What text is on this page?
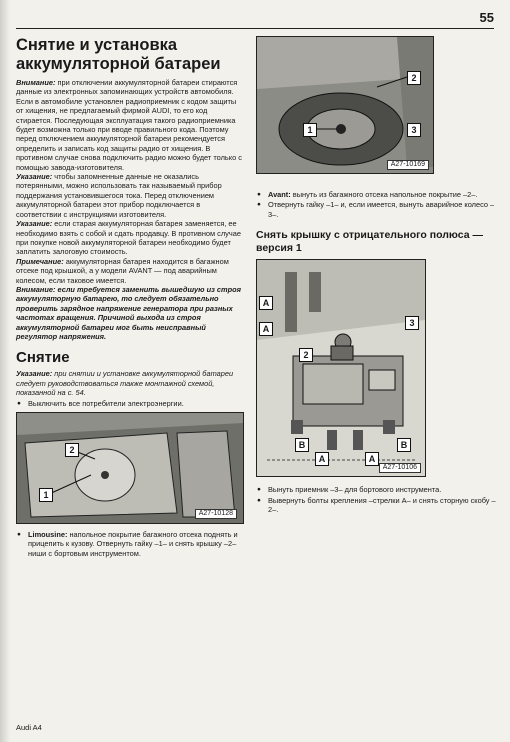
55
Снятие и установка аккумуляторной батареи

Внимание: при отключении аккумуляторной батареи стираются данные из электронных запоминающих устройств автомобиля. Если в автомобиле установлен радиоприемник с кодом защиты от хищения, не предлагаемый фирмой AUDI, то его код стирается. Последующая эксплуатация такого радиоприемника будет возможна только при вводе правильного кода. Поэтому перед отключением аккумуляторной батареи рекомендуется определить и записать код защиты радио от хищения. В противном случае снова подключить радио можно будет только с помощью завода-изготовителя.

Указание: чтобы запомненные данные не оказались потерянными, можно использовать так называемый прибор поддержания установившегося тока. Перед отключением аккумуляторной батареи этот прибор подключается в соответствии с инструкциями изготовителя.

Указание: если старая аккумуляторная батарея заменяется, ее необходимо взять с собой и сдать продавцу. В противном случае при покупке новой аккумуляторной батареи необходимо будет заплатить залоговую стоимость.

Примечание: аккумуляторная батарея находится в багажном отсеке под крышкой, а у модели AVANT — под аварийным колесом, если таковое имеется.

Внимание: если требуется заменить вышедшую из строя аккумуляторную батарею, то следует обязательно проверить зарядное напряжение генератора при разных частотах вращения. Причиной выхода из строя аккумуляторной батареи мог быть неисправный регулятор напряжения.

Снятие

Указание: при снятии и установке аккумуляторной батареи следует руководствоваться также монтажной схемой, показанной на с. 54.

● Выключить все потребители электроэнергии.
1
2
A27-10128
● Limousine: напольное покрытие багажного отсека поднять и прицепить к кузову. Отвернуть гайку –1– и снять крышку –2– ниши с бортовым инструментом.
1
2
3
A27-10169
● Avant: вынуть из багажного отсека напольное покрытие –2–.
● Отвернуть гайку –1– и, если имеется, вынуть аварийное колесо –3–.
Снять крышку с отрицательного полюса — версия 1
A
A
A	A
B	B
2
3
A27-10106
● Вынуть приемник –3– для бортового инструмента.
● Вывернуть болты крепления –стрелки А– и снять сторную скобу –2–.
Audi A4
